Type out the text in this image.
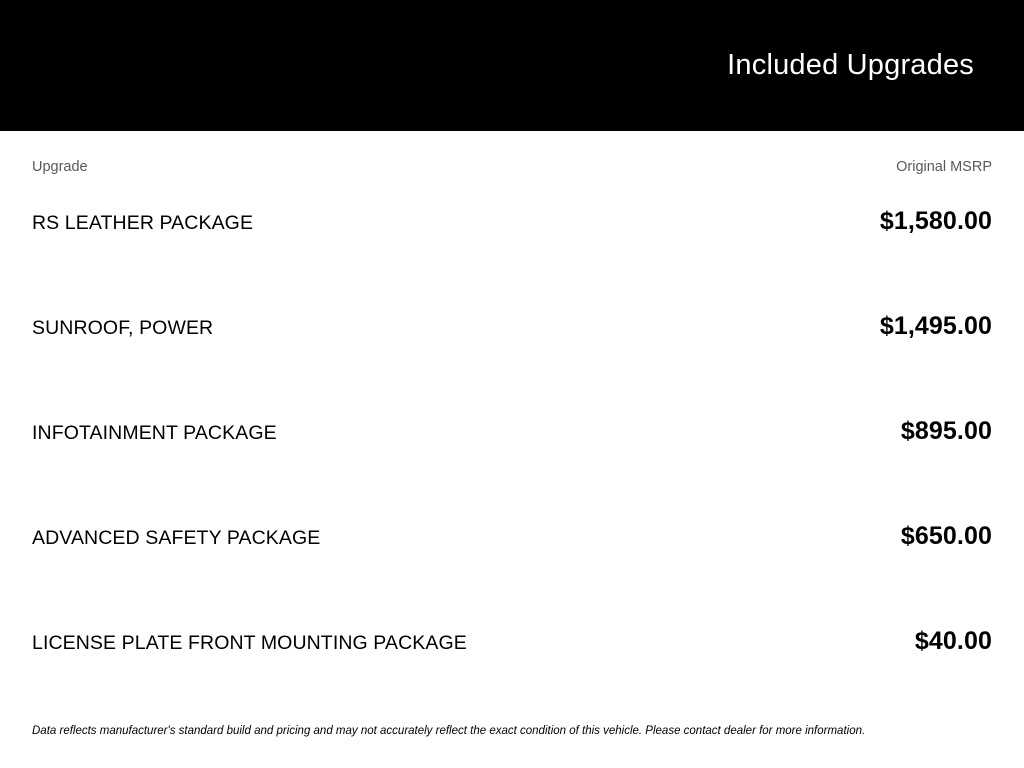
Included Upgrades
Upgrade	Original MSRP
RS LEATHER PACKAGE	$1,580.00
SUNROOF, POWER	$1,495.00
INFOTAINMENT PACKAGE	$895.00
ADVANCED SAFETY PACKAGE	$650.00
LICENSE PLATE FRONT MOUNTING PACKAGE	$40.00
Data reflects manufacturer's standard build and pricing and may not accurately reflect the exact condition of this vehicle. Please contact dealer for more information.
